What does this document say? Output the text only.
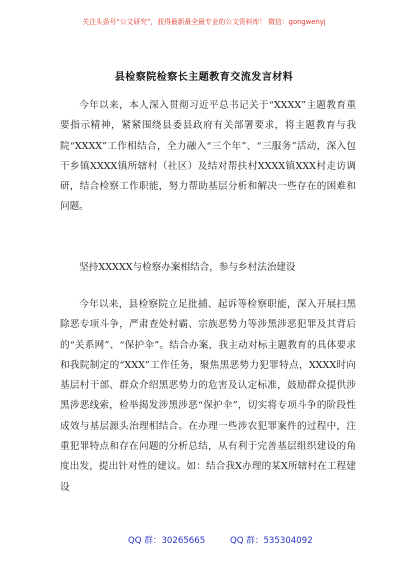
关注头条号“公文研究”，获得最新最全最专业的公文资料库！ 微信：gongwenyj
县检察院检察长主题教育交流发言材料

今年以来，本人深入贯彻习近平总书记关于“XXXX”主题教育重要指示精神，紧紧围绕县委县政府有关部署要求，将主题教育与我院“XXXX”工作相结合，全力融入“三个年”、“三服务”活动，深入包干乡镇XXXX镇所辖村（社区）及结对帮扶村XXXX镇XXX村走访调研，结合检察工作职能，努力帮助基层分析和解决一些存在的困难和问题。

坚持XXXXX与检察办案相结合，参与乡村法治建设

今年以来，县检察院立足批捕、起诉等检察职能，深入开展扫黑除恶专项斗争，严肃查处村霸、宗族恶势力等涉黑涉恶犯罪及其背后的“关系网”、“保护伞”。结合办案，我主动对标主题教育的具体要求和我院制定的“XXX”工作任务，聚焦黑恶势力犯罪特点，XXXX时向基层村干部、群众介绍黑恶势力的危害及认定标准，鼓励群众提供涉黑涉恶线索，检举揭发涉黑涉恶“保护伞”，切实将专项斗争的阶段性成效与基层源头治理相结合。在办理一些涉农犯罪案件的过程中，注重犯罪特点和存在问题的分析总结，从有利于完善基层组织建设的角度出发，提出针对性的建议。如：结合我X办理的某X所辖村在工程建设

QQ 群：30265665	QQ 群：535304092
